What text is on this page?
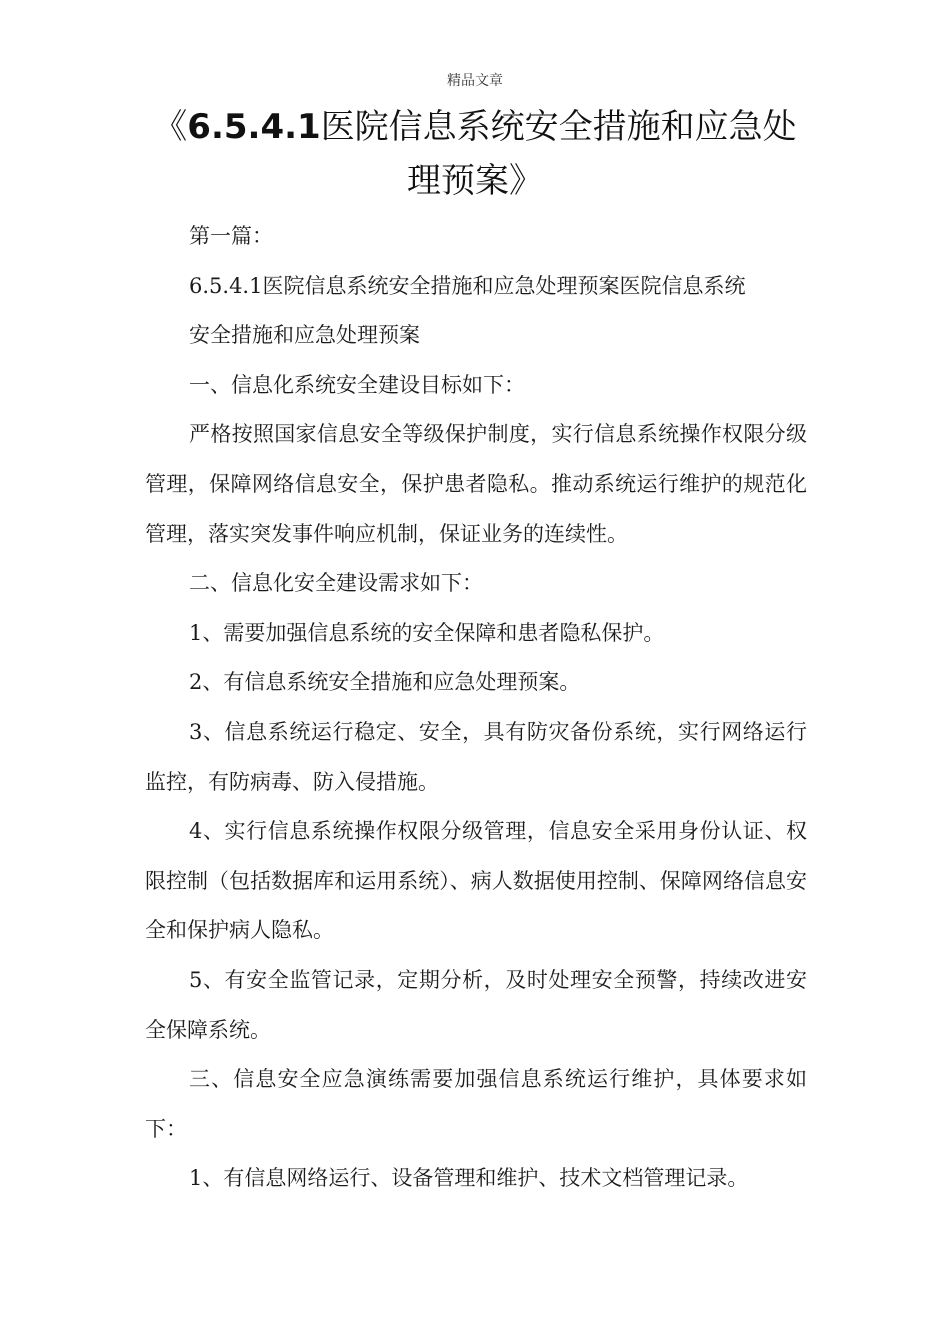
精品文章
《6.5.4.1医院信息系统安全措施和应急处理预案》

第一篇：

6.5.4.1医院信息系统安全措施和应急处理预案医院信息系统

安全措施和应急处理预案

一、信息化系统安全建设目标如下：

严格按照国家信息安全等级保护制度，实行信息系统操作权限分级管理，保障网络信息安全，保护患者隐私。推动系统运行维护的规范化管理，落实突发事件响应机制，保证业务的连续性。

二、信息化安全建设需求如下：

1、需要加强信息系统的安全保障和患者隐私保护。

2、有信息系统安全措施和应急处理预案。

3、信息系统运行稳定、安全，具有防灾备份系统，实行网络运行监控，有防病毒、防入侵措施。

4、实行信息系统操作权限分级管理，信息安全采用身份认证、权限控制（包括数据库和运用系统）、病人数据使用控制、保障网络信息安全和保护病人隐私。

5、有安全监管记录，定期分析，及时处理安全预警，持续改进安全保障系统。

三、信息安全应急演练需要加强信息系统运行维护，具体要求如下：

1、有信息网络运行、设备管理和维护、技术文档管理记录。
